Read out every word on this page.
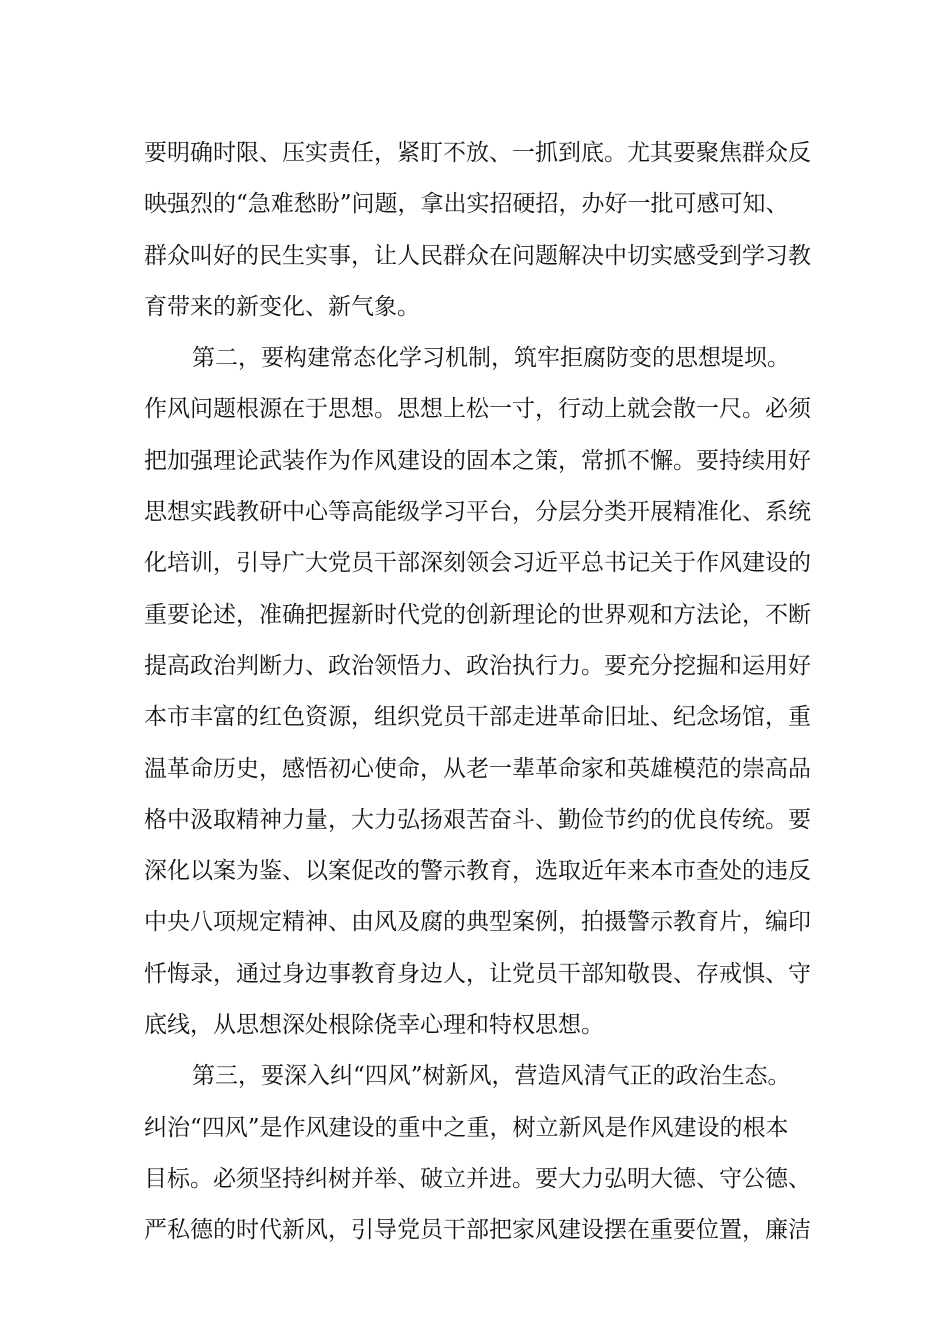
要明确时限、压实责任，紧盯不放、一抓到底。尤其要聚焦群众反
映强烈的“急难愁盼”问题，拿出实招硬招，办好一批可感可知、
群众叫好的民生实事，让人民群众在问题解决中切实感受到学习教
育带来的新变化、新气象。
第二，要构建常态化学习机制，筑牢拒腐防变的思想堤坝。
作风问题根源在于思想。思想上松一寸，行动上就会散一尺。必须
把加强理论武装作为作风建设的固本之策，常抓不懈。要持续用好
思想实践教研中心等高能级学习平台，分层分类开展精准化、系统
化培训，引导广大党员干部深刻领会习近平总书记关于作风建设的
重要论述，准确把握新时代党的创新理论的世界观和方法论，不断
提高政治判断力、政治领悟力、政治执行力。要充分挖掘和运用好
本市丰富的红色资源，组织党员干部走进革命旧址、纪念场馆，重
温革命历史，感悟初心使命，从老一辈革命家和英雄模范的崇高品
格中汲取精神力量，大力弘扬艰苦奋斗、勤俭节约的优良传统。要
深化以案为鉴、以案促改的警示教育，选取近年来本市查处的违反
中央八项规定精神、由风及腐的典型案例，拍摄警示教育片，编印
忏悔录，通过身边事教育身边人，让党员干部知敬畏、存戒惧、守
底线，从思想深处根除侥幸心理和特权思想。
第三，要深入纠“四风”树新风，营造风清气正的政治生态。
纠治“四风”是作风建设的重中之重，树立新风是作风建设的根本
目标。必须坚持纠树并举、破立并进。要大力弘明大德、守公德、
严私德的时代新风，引导党员干部把家风建设摆在重要位置，廉洁
